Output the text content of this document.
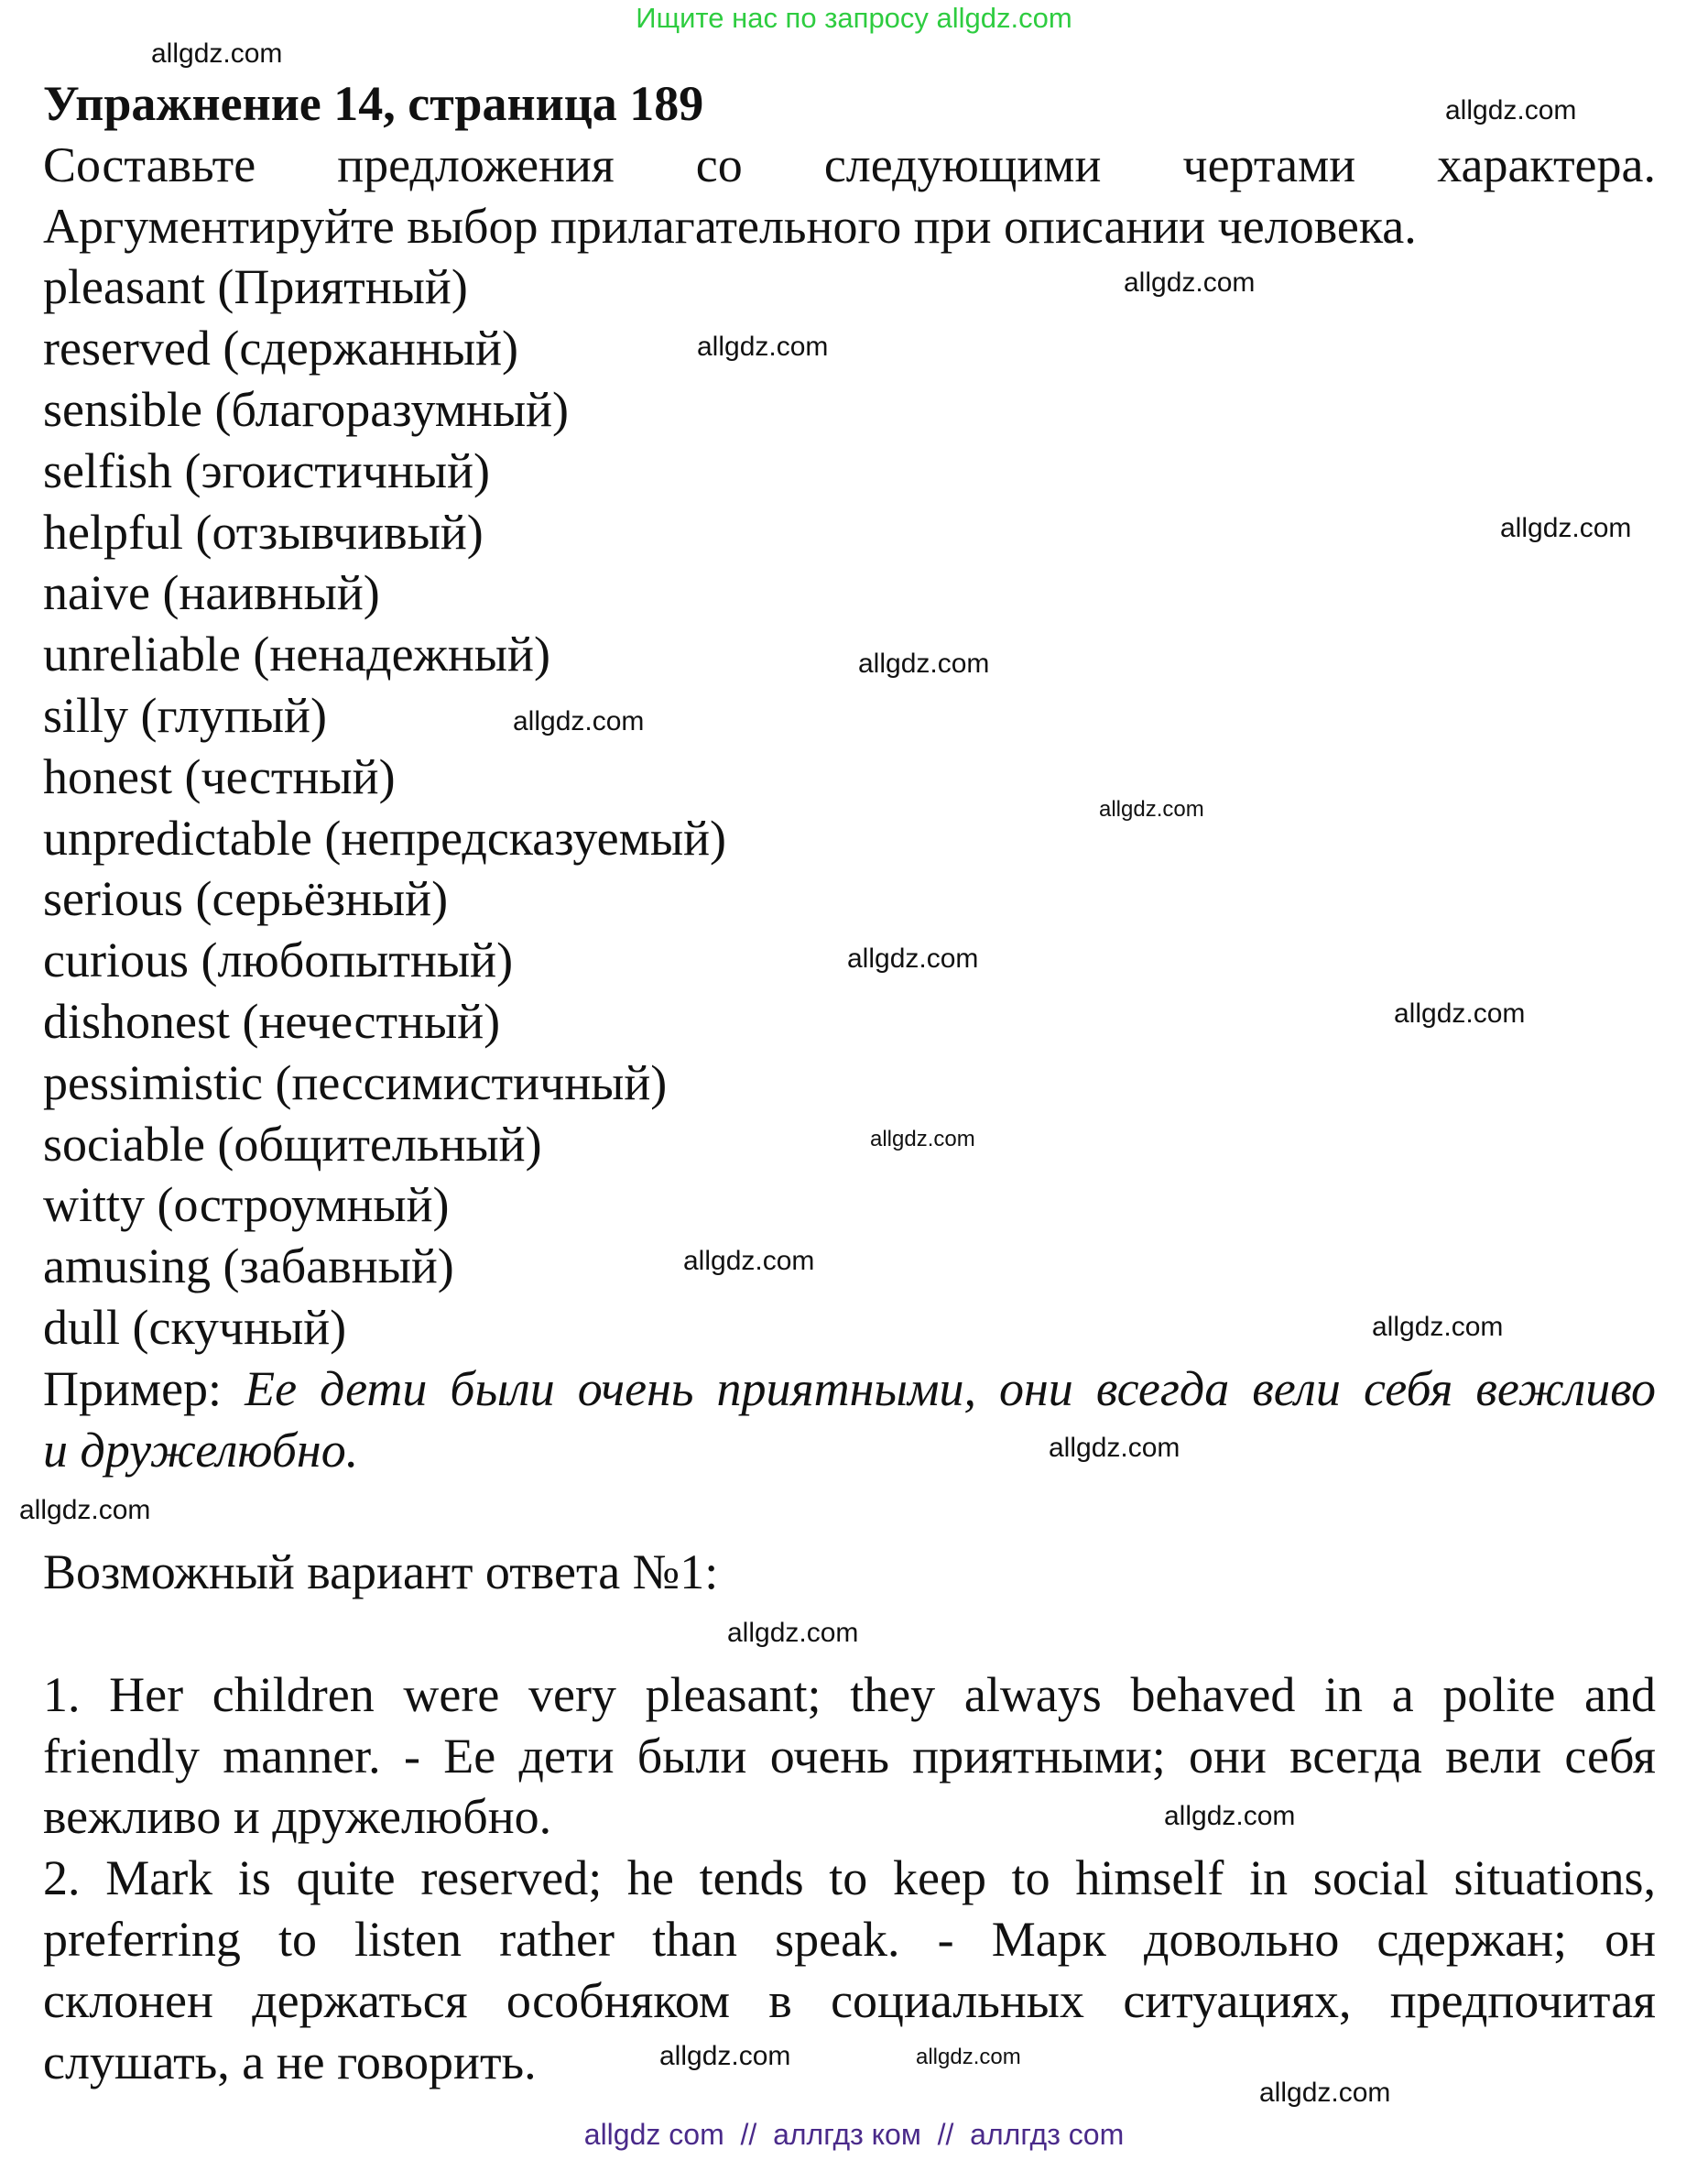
Ищите нас по запросу allgdz.com
Упражнение 14, страница 189
Составьте предложения со следующими чертами характера.
Аргументируйте выбор прилагательного при описании человека.
pleasant (Приятный)
reserved (сдержанный)
sensible (благоразумный)
selfish (эгоистичный)
helpful (отзывчивый)
naive (наивный)
unreliable (ненадежный)
silly (глупый)
honest (честный)
unpredictable (непредсказуемый)
serious (серьёзный)
curious (любопытный)
dishonest (нечестный)
pessimistic (пессимистичный)
sociable (общительный)
witty (остроумный)
amusing (забавный)
dull (скучный)
Пример: Ее дети были очень приятными, они всегда вели себя вежливо
и дружелюбно.
Возможный вариант ответа №1:
1. Her children were very pleasant; they always behaved in a polite and
friendly manner. - Ее дети были очень приятными; они всегда вели себя
вежливо и дружелюбно.
2. Mark is quite reserved; he tends to keep to himself in social situations,
preferring to listen rather than speak. - Марк довольно сдержан; он
склонен держаться особняком в социальных ситуациях, предпочитая
слушать, а не говорить.
allgdz.com
allgdz.com
allgdz.com
allgdz.com
allgdz.com
allgdz.com
allgdz.com
allgdz.com
allgdz.com
allgdz.com
allgdz.com
allgdz.com
allgdz.com
allgdz.com
allgdz.com
allgdz.com
allgdz.com
allgdz.com
allgdz.com
allgdz.com
allgdz com  //  аллгдз ком  //  аллгдз com
